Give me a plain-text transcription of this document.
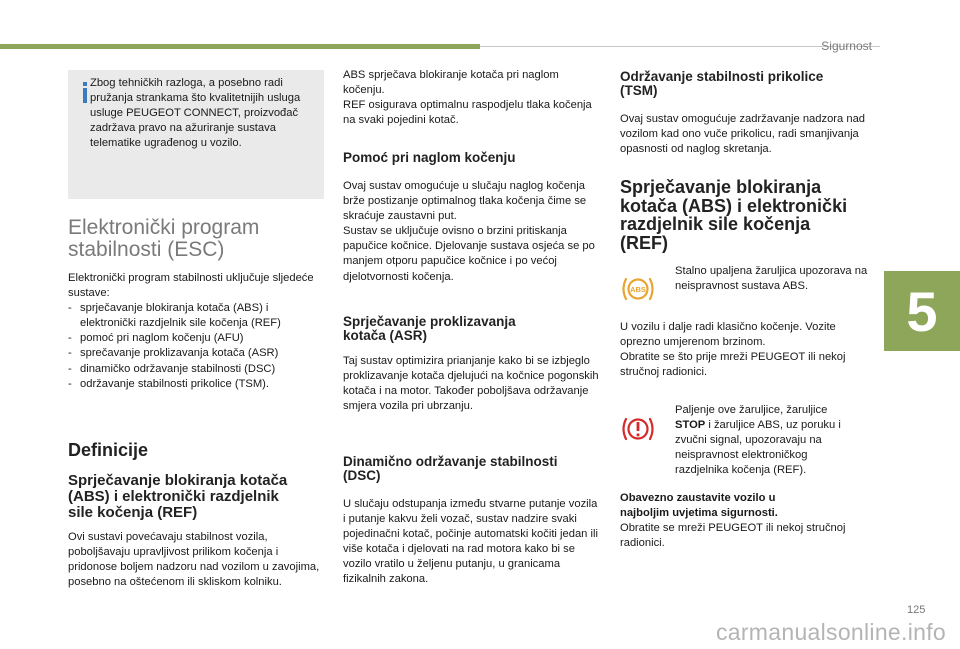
Sigurnost
5
125
carmanualsonline.info

Zbog tehničkih razloga, a posebno radi pružanja strankama što kvalitetnijih usluga usluge PEUGEOT CONNECT, proizvođač zadržava pravo na ažuriranje sustava telematike ugrađenog u vozilo.

Elektronički program
stabilnosti (ESC)

Elektronički program stabilnosti uključuje sljedeće sustave:

- sprječavanje blokiranja kotača (ABS) i elektronički razdjelnik sile kočenja (REF)
- pomoć pri naglom kočenju (AFU)
- sprečavanje proklizavanja kotača (ASR)
- dinamičko održavanje stabilnosti (DSC)
- održavanje stabilnosti prikolice (TSM).
Definicije
Sprječavanje blokiranja kotača
(ABS) i elektronički razdjelnik
sile kočenja (REF)

Ovi sustavi povećavaju stabilnost vozila, poboljšavaju upravljivost prilikom kočenja i pridonose boljem nadzoru nad vozilom u zavojima, posebno na oštećenom ili skliskom kolniku.

ABS sprječava blokiranje kotača pri naglom kočenju.

REF osigurava optimalnu raspodjelu tlaka kočenja na svaki pojedini kotač.

Pomoć pri naglom kočenju

Ovaj sustav omogućuje u slučaju naglog kočenja brže postizanje optimalnog tlaka kočenja čime se skraćuje zaustavni put.

Sustav se uključuje ovisno o brzini pritiskanja papučice kočnice. Djelovanje sustava osjeća se po manjem otporu papučice kočnice i po većoj djelotvornosti kočenja.

Sprječavanje proklizavanja
kotača (ASR)

Taj sustav optimizira prianjanje kako bi se izbjeglo proklizavanje kotača djelujući na kočnice pogonskih kotača i na motor. Također poboljšava održavanje smjera vozila pri ubrzanju.

Dinamično održavanje stabilnosti
(DSC)

U slučaju odstupanja između stvarne putanje vozila i putanje kakvu želi vozač, sustav nadzire svaki pojedinačni kotač, počinje automatski kočiti jedan ili više kotača i djelovati na rad motora kako bi se vozilo vratilo u željenu putanju, u granicama fizikalnih zakona.

Održavanje stabilnosti prikolice
(TSM)

Ovaj sustav omogućuje zadržavanje nadzora nad vozilom kad ono vuče prikolicu, radi smanjivanja opasnosti od naglog skretanja.

Sprječavanje blokiranja
kotača (ABS) i elektronički
razdjelnik sile kočenja
(REF)
ABS

Stalno upaljena žaruljica upozorava na neispravnost sustava ABS.

U vozilu i dalje radi klasično kočenje. Vozite oprezno umjerenom brzinom.

Obratite se što prije mreži PEUGEOT ili nekoj stručnoj radionici.

Paljenje ove žaruljice, žaruljice
STOP i žaruljice ABS, uz poruku i zvučni signal, upozoravaju na neispravnost elektroničkog razdjelnika kočenja (REF).

Obavezno zaustavite vozilo u najboljim uvjetima sigurnosti.

Obratite se mreži PEUGEOT ili nekoj stručnoj radionici.
